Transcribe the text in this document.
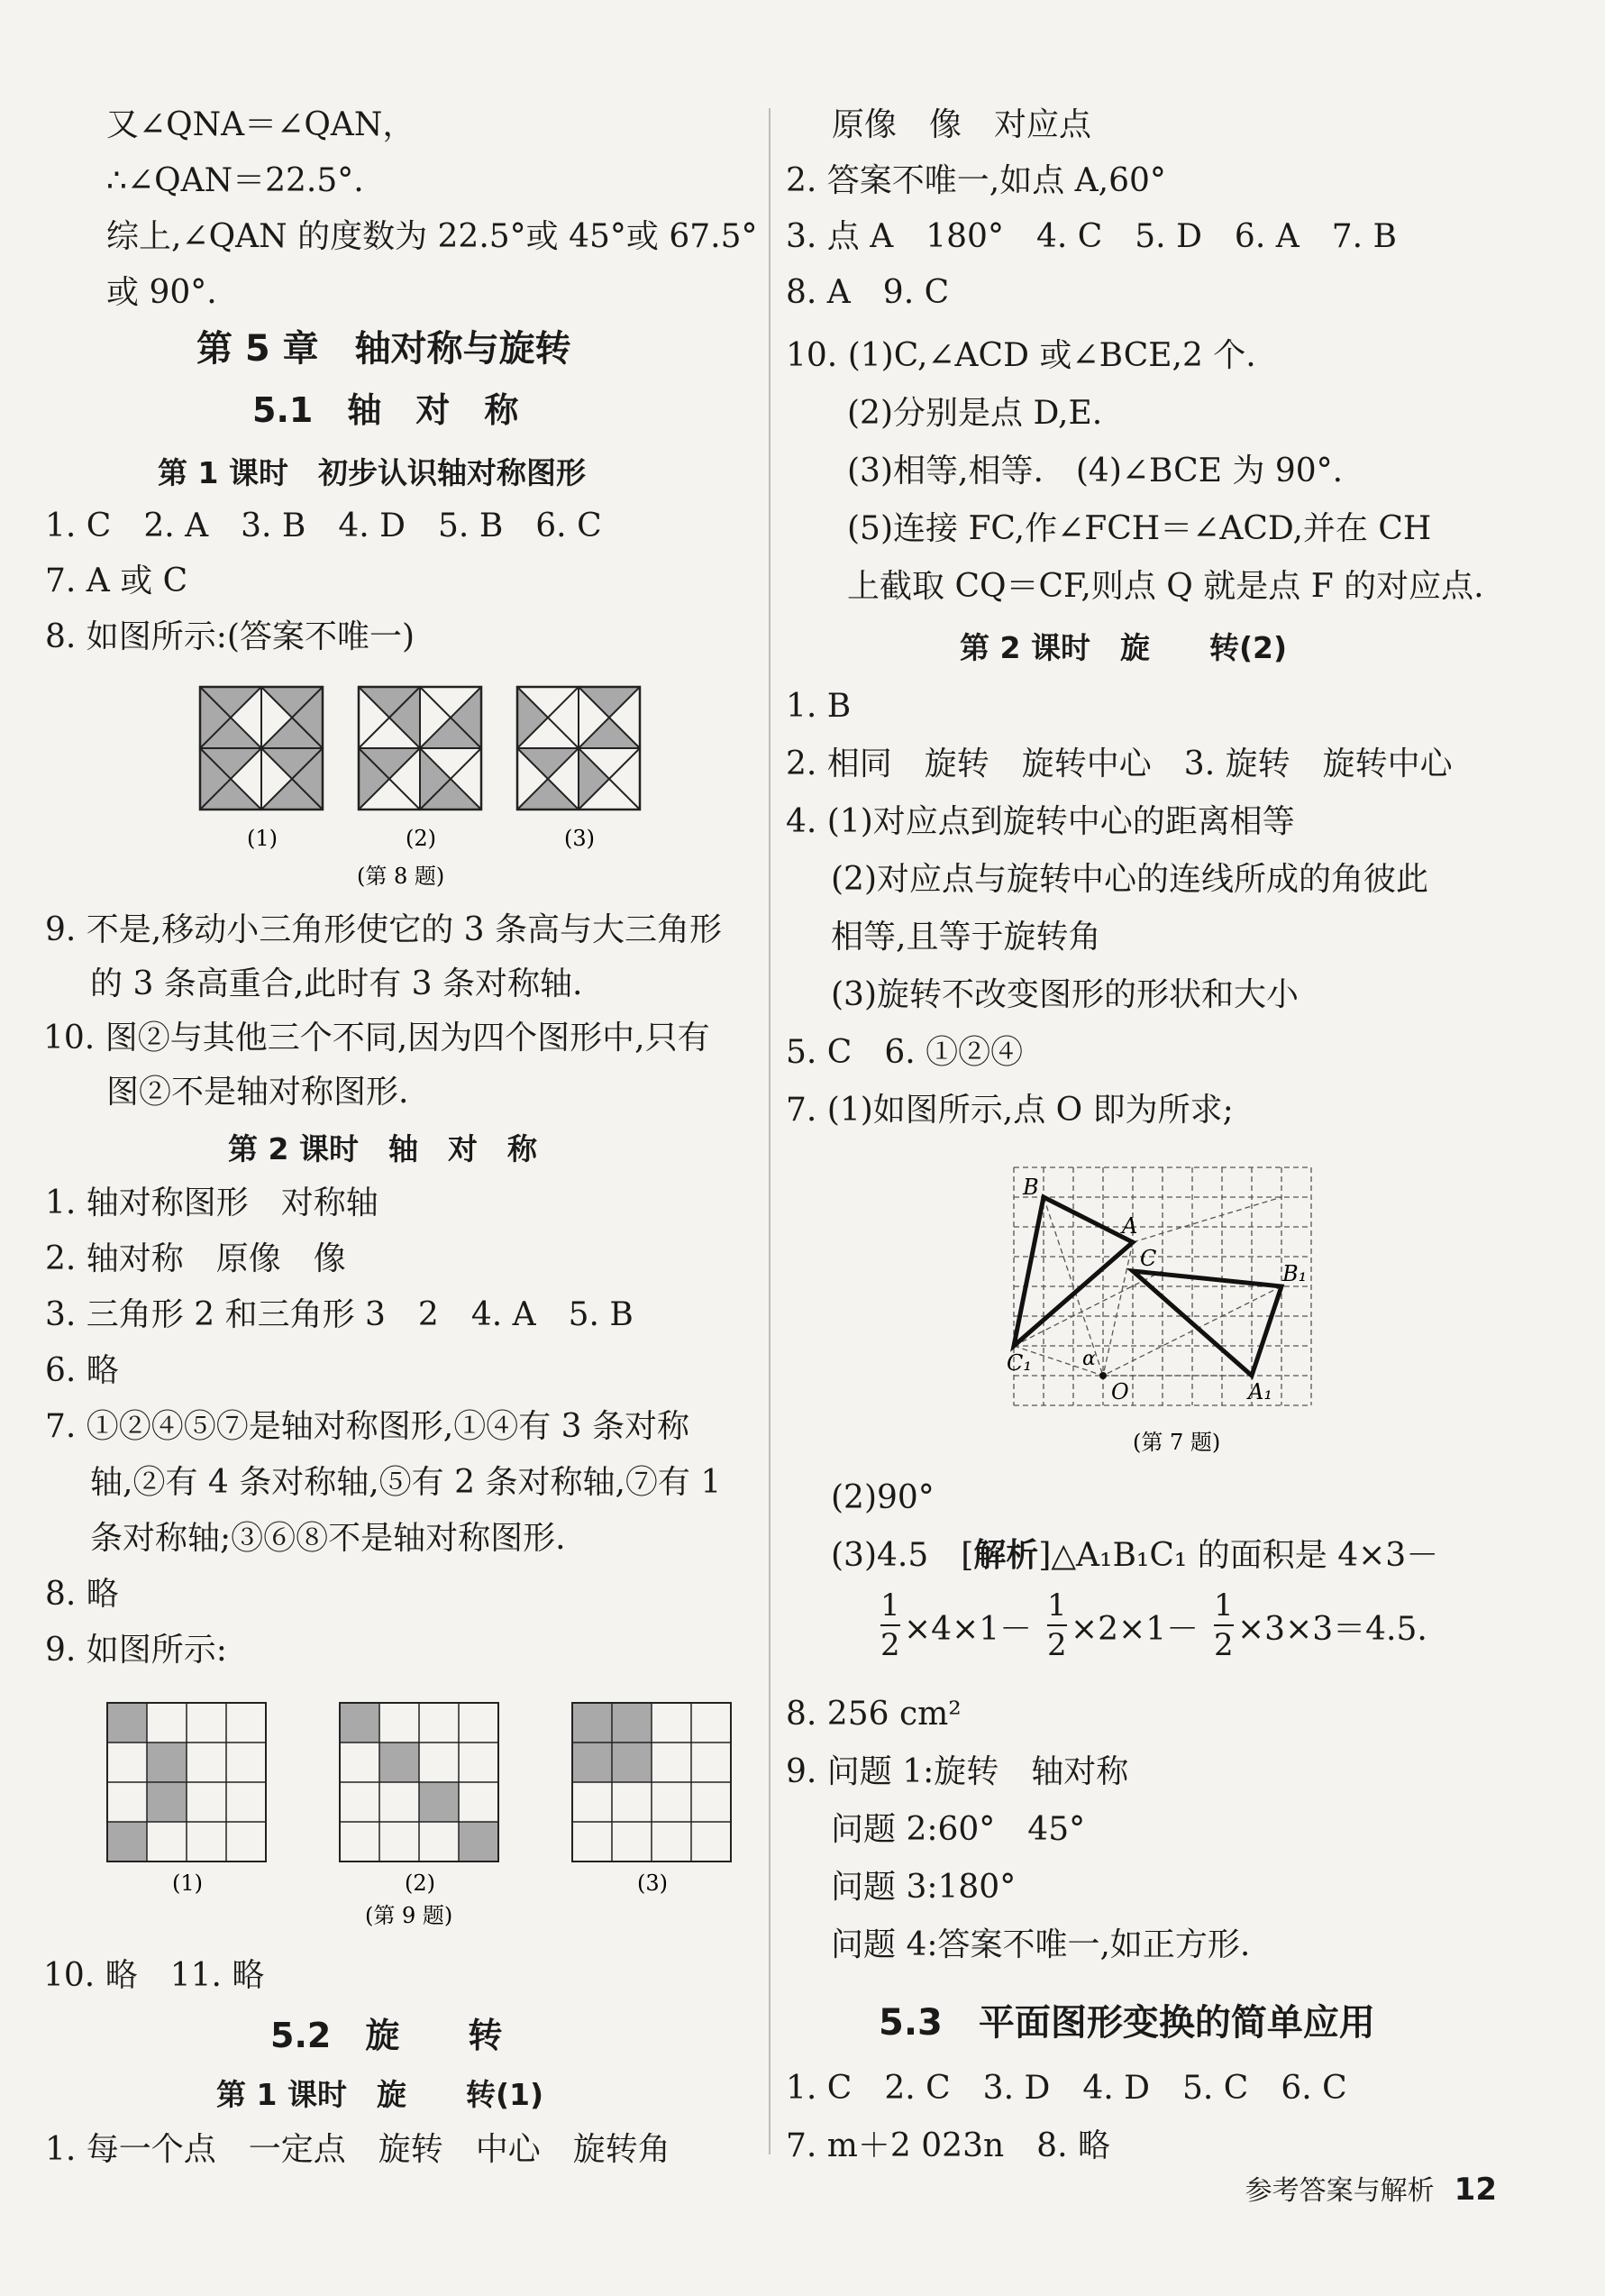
又∠QNA＝∠QAN，
∴∠QAN＝22.5°.
综上,∠QAN 的度数为 22.5°或 45°或 67.5°
或 90°.
第 5 章　轴对称与旋转
5.1　轴　对　称
第 1 课时　初步认识轴对称图形
1. C　2. A　3. B　4. D　5. B　6. C
7. A 或 C
8. 如图所示:(答案不唯一)
(1)	(2)	(3)
(第 8 题)
9. 不是,移动小三角形使它的 3 条高与大三角形
的 3 条高重合,此时有 3 条对称轴.
10. 图②与其他三个不同,因为四个图形中,只有
图②不是轴对称图形.
第 2 课时　轴　对　称
1. 轴对称图形　对称轴
2. 轴对称　原像　像
3. 三角形 2 和三角形 3　2　4. A　5. B
6. 略
7. ①②④⑤⑦是轴对称图形,①④有 3 条对称
轴,②有 4 条对称轴,⑤有 2 条对称轴,⑦有 1
条对称轴;③⑥⑧不是轴对称图形.
8. 略
9. 如图所示:
(1)	(2)	(3)
(第 9 题)
10. 略　11. 略
5.2　旋　　转
第 1 课时　旋　　转(1)
1. 每一个点　一定点　旋转　中心　旋转角
原像　像　对应点
2. 答案不唯一,如点 A,60°
3. 点 A　180°　4. C　5. D　6. A　7. B
8. A　9. C
10. (1)C,∠ACD 或∠BCE,2 个.
(2)分别是点 D,E.
(3)相等,相等.　(4)∠BCE 为 90°.
(5)连接 FC,作∠FCH＝∠ACD,并在 CH
上截取 CQ＝CF,则点 Q 就是点 F 的对应点.
第 2 课时　旋　　转(2)
1. B
2. 相同　旋转　旋转中心　3. 旋转　旋转中心
4. (1)对应点到旋转中心的距离相等
(2)对应点与旋转中心的连线所成的角彼此
相等,且等于旋转角
(3)旋转不改变图形的形状和大小
5. C　6. ①②④
7. (1)如图所示,点 O 即为所求;
B
A
C
B₁
C₁
A₁
O
α
(第 7 题)
(2)90°
(3)4.5　[解析]△A₁B₁C₁ 的面积是 4×3－
1
2 ×4×1－
1
2 ×2×1－
1
2 ×3×3＝4.5.
8. 256 cm²
9. 问题 1:旋转　轴对称
问题 2:60°　45°
问题 3:180°
问题 4:答案不唯一,如正方形.
5.3　平面图形变换的简单应用
1. C　2. C　3. D　4. D　5. C　6. C
7. m＋2 023n　8. 略
参考答案与解析 12
